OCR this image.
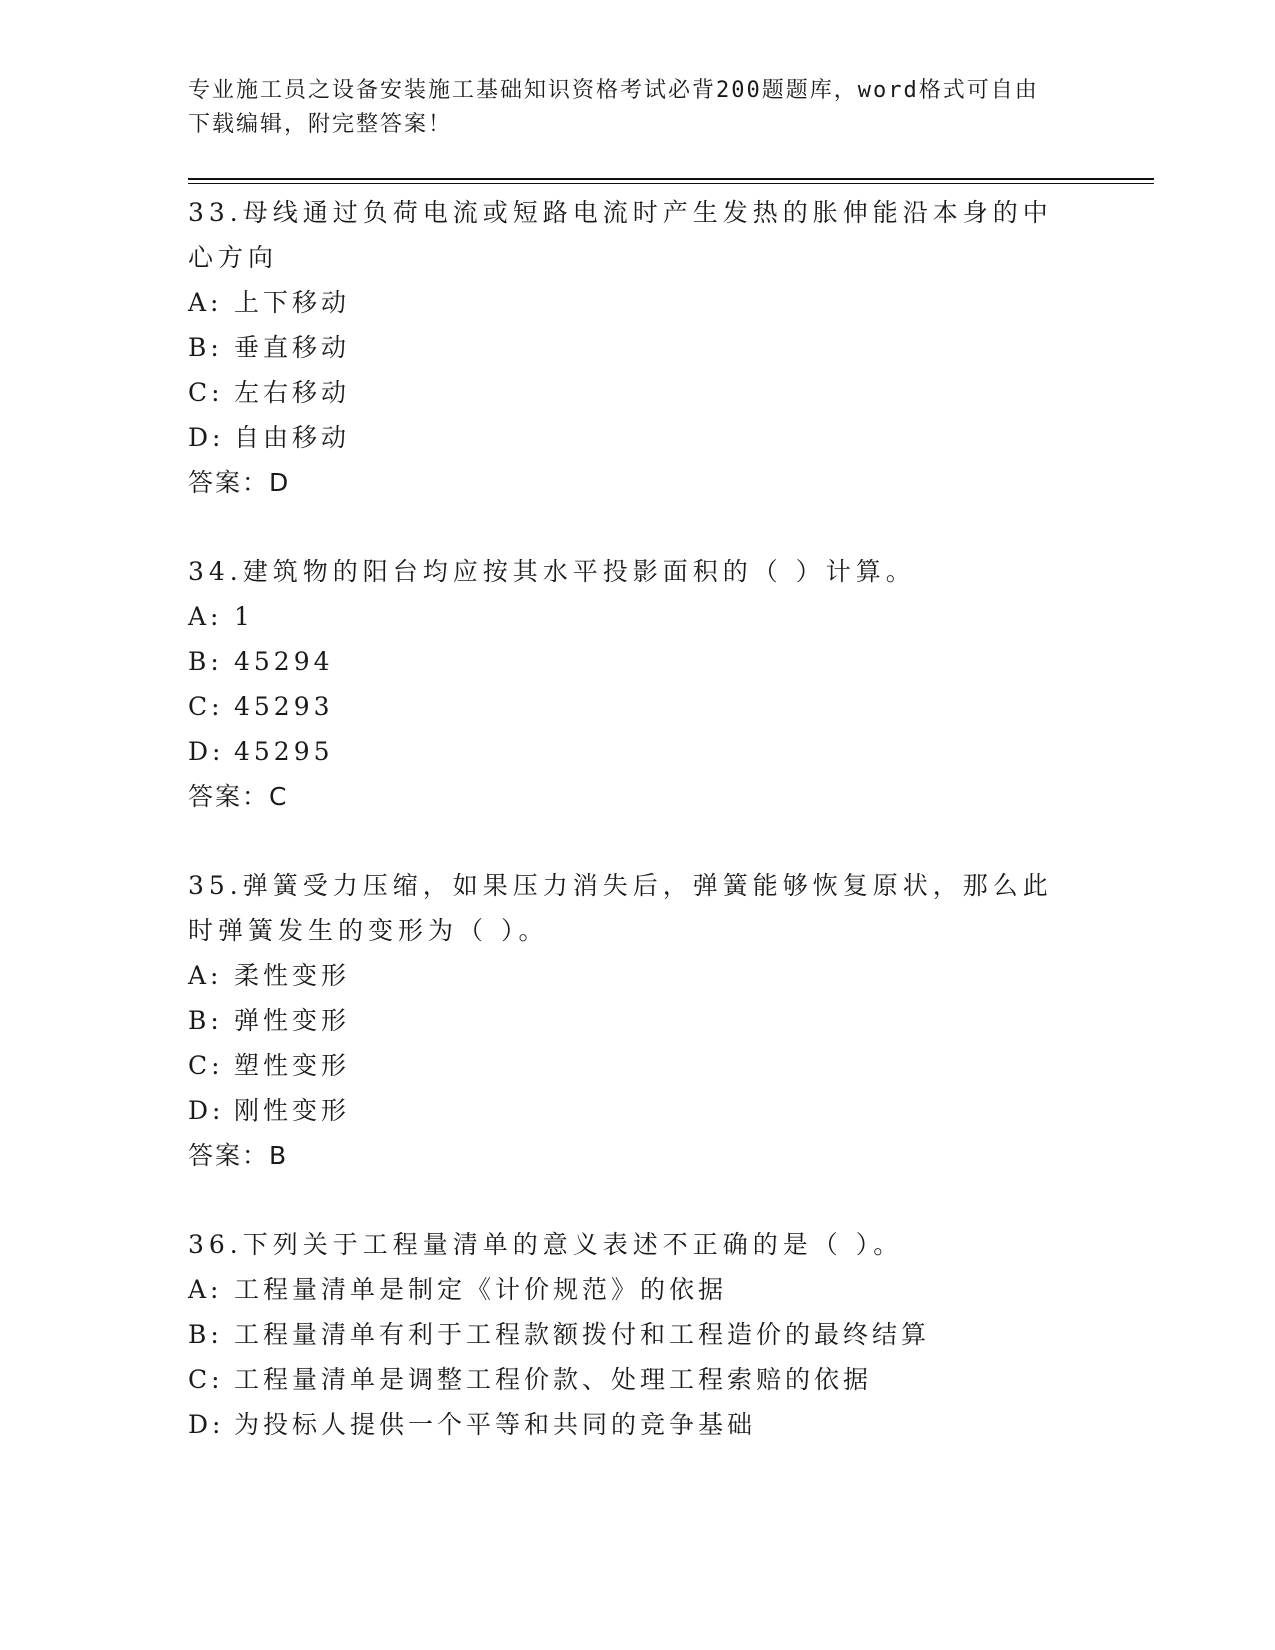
专业施工员之设备安装施工基础知识资格考试必背200题题库，word格式可自由
下载编辑，附完整答案！
33.母线通过负荷电流或短路电流时产生发热的胀伸能沿本身的中心方向
A: 上下移动
B: 垂直移动
C: 左右移动
D: 自由移动
答案：D
34.建筑物的阳台均应按其水平投影面积的（ ）计算。
A: 1
B: 45294
C: 45293
D: 45295
答案：C
35.弹簧受力压缩，如果压力消失后，弹簧能够恢复原状，那么此时弹簧发生的变形为（ ）。
A: 柔性变形
B: 弹性变形
C: 塑性变形
D: 刚性变形
答案：B
36.下列关于工程量清单的意义表述不正确的是（ ）。
A: 工程量清单是制定《计价规范》的依据
B: 工程量清单有利于工程款额拨付和工程造价的最终结算
C: 工程量清单是调整工程价款、处理工程索赔的依据
D: 为投标人提供一个平等和共同的竞争基础
